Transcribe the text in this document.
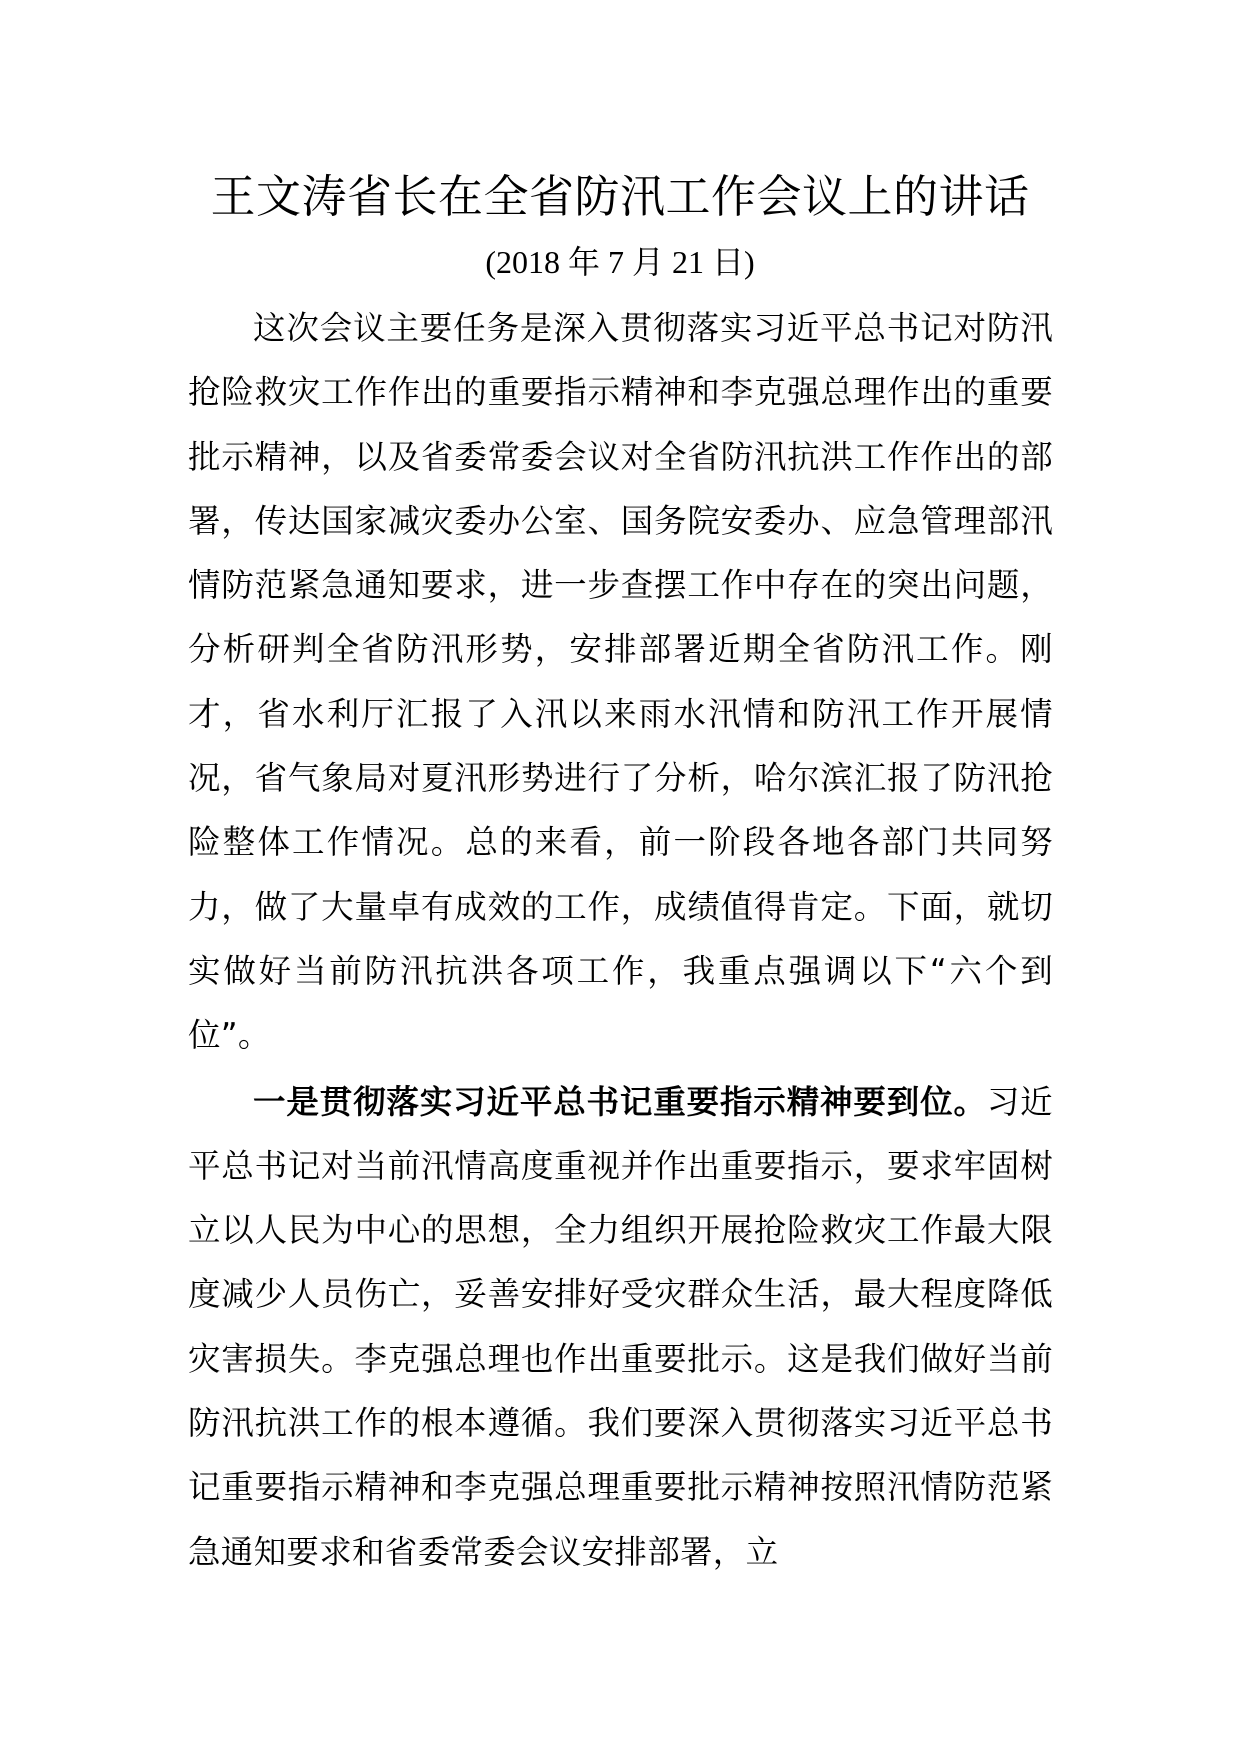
王文涛省长在全省防汛工作会议上的讲话

(2018 年 7 月 21 日)

这次会议主要任务是深入贯彻落实习近平总书记对防汛抢险救灾工作作出的重要指示精神和李克强总理作出的重要批示精神，以及省委常委会议对全省防汛抗洪工作作出的部署，传达国家减灾委办公室、国务院安委办、应急管理部汛情防范紧急通知要求，进一步查摆工作中存在的突出问题，分析研判全省防汛形势，安排部署近期全省防汛工作。刚才，省水利厅汇报了入汛以来雨水汛情和防汛工作开展情况，省气象局对夏汛形势进行了分析，哈尔滨汇报了防汛抢险整体工作情况。总的来看，前一阶段各地各部门共同努力，做了大量卓有成效的工作，成绩值得肯定。下面，就切实做好当前防汛抗洪各项工作，我重点强调以下“六个到位”。

一是贯彻落实习近平总书记重要指示精神要到位。习近平总书记对当前汛情高度重视并作出重要指示，要求牢固树立以人民为中心的思想，全力组织开展抢险救灾工作最大限度减少人员伤亡，妥善安排好受灾群众生活，最大程度降低灾害损失。李克强总理也作出重要批示。这是我们做好当前防汛抗洪工作的根本遵循。我们要深入贯彻落实习近平总书记重要指示精神和李克强总理重要批示精神按照汛情防范紧急通知要求和省委常委会议安排部署，立
